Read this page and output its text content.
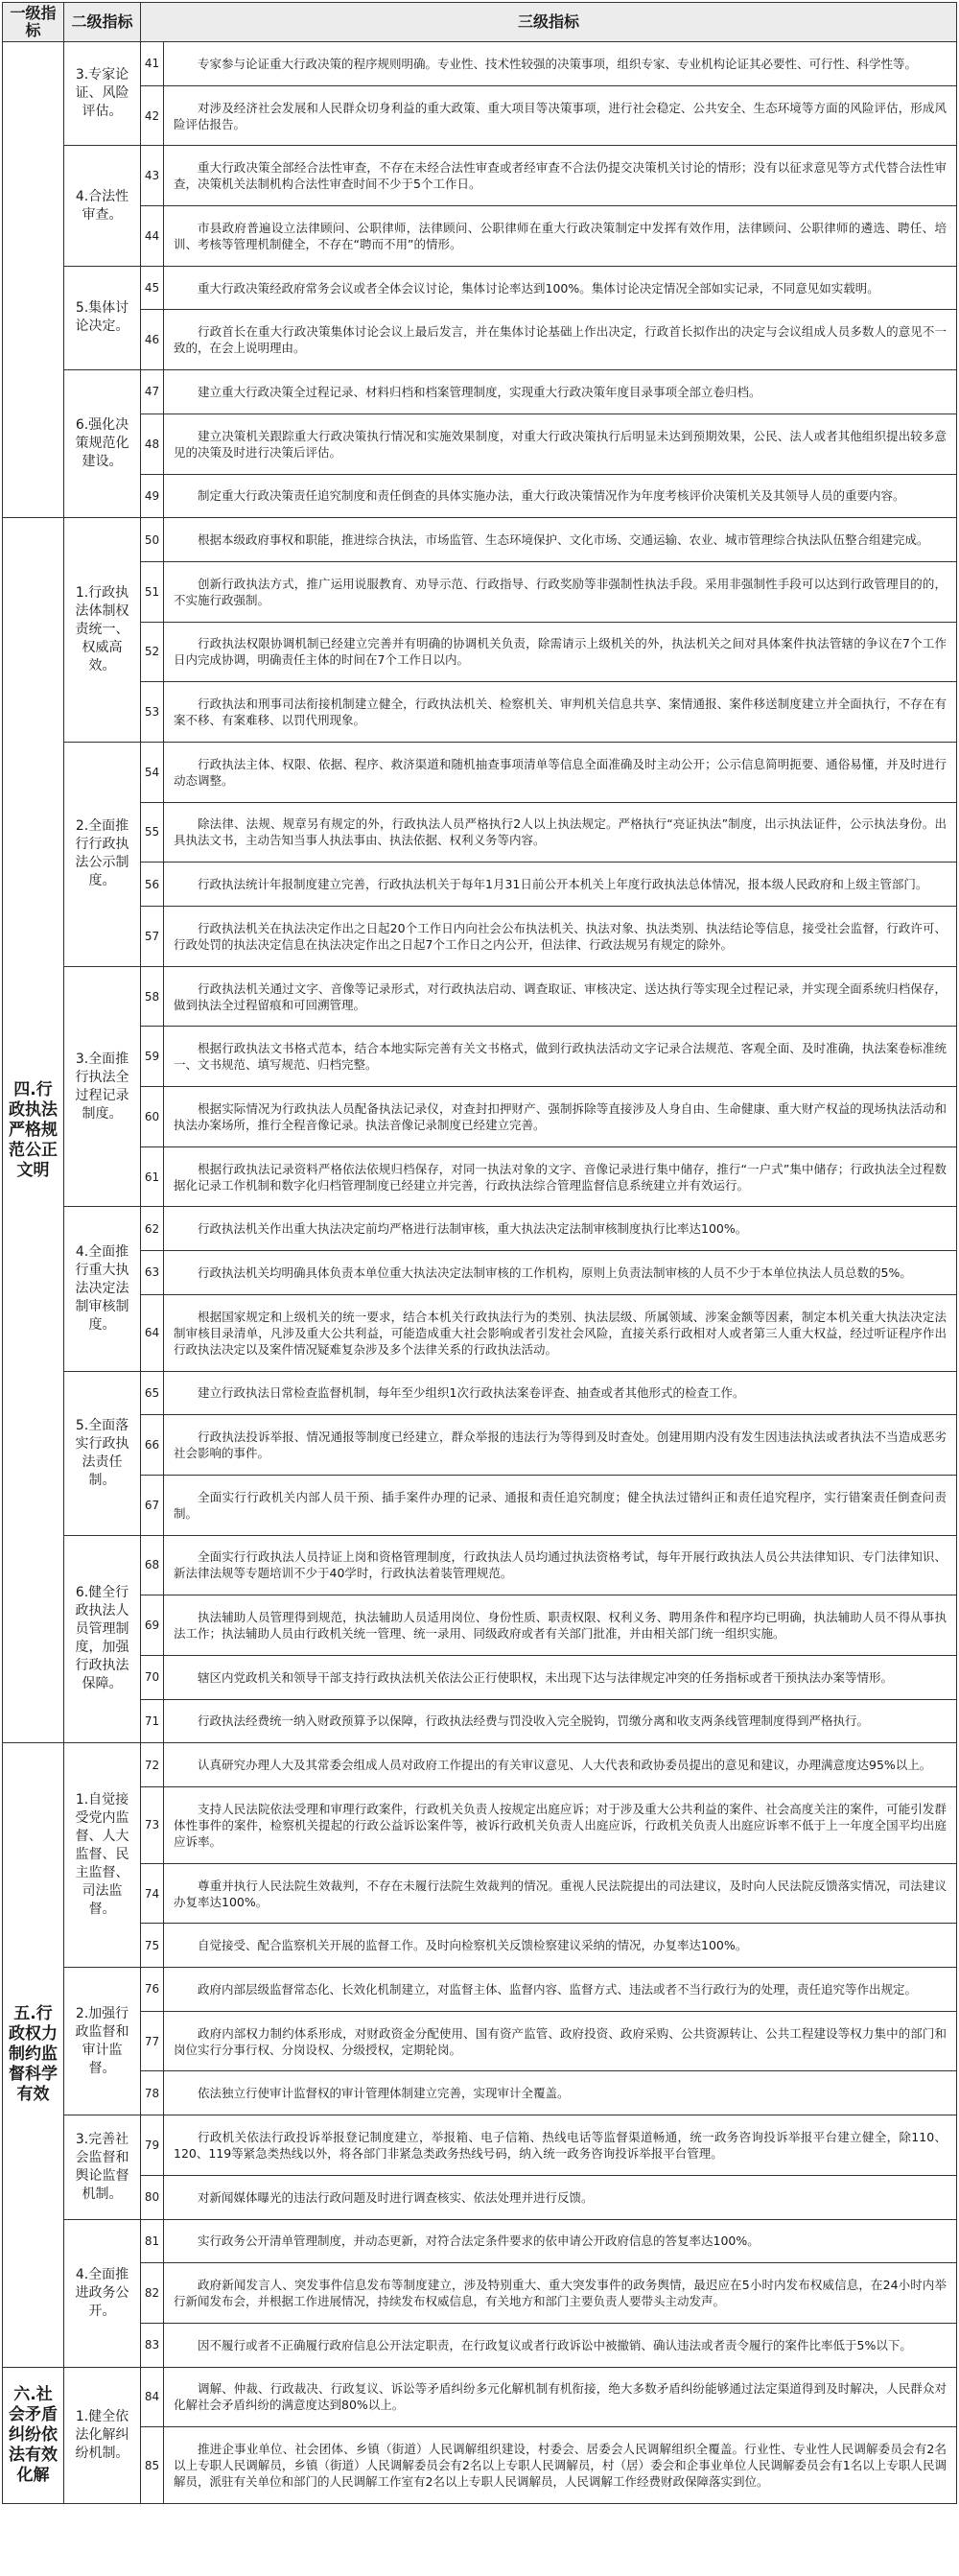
一级指标	二级指标	三级指标	
	3.专家论证、风险评估。	41	专家参与论证重大行政决策的程序规则明确。专业性、技术性较强的决策事项，组织专家、专业机构论证其必要性、可行性、科学性等。
		42	对涉及经济社会发展和人民群众切身利益的重大政策、重大项目等决策事项，进行社会稳定、公共安全、生态环境等方面的风险评估，形成风险评估报告。
	4.合法性审查。	43	重大行政决策全部经合法性审查，不存在未经合法性审查或者经审查不合法仍提交决策机关讨论的情形；没有以征求意见等方式代替合法性审查，决策机关法制机构合法性审查时间不少于5个工作日。
		44	市县政府普遍设立法律顾问、公职律师，法律顾问、公职律师在重大行政决策制定中发挥有效作用，法律顾问、公职律师的遴选、聘任、培训、考核等管理机制健全，不存在“聘而不用”的情形。
	5.集体讨论决定。	45	重大行政决策经政府常务会议或者全体会议讨论，集体讨论率达到100%。集体讨论决定情况全部如实记录，不同意见如实载明。
		46	行政首长在重大行政决策集体讨论会议上最后发言，并在集体讨论基础上作出决定，行政首长拟作出的决定与会议组成人员多数人的意见不一致的，在会上说明理由。
	6.强化决策规范化建设。	47	建立重大行政决策全过程记录、材料归档和档案管理制度，实现重大行政决策年度目录事项全部立卷归档。
		48	建立决策机关跟踪重大行政决策执行情况和实施效果制度，对重大行政决策执行后明显未达到预期效果，公民、法人或者其他组织提出较多意见的决策及时进行决策后评估。
		49	制定重大行政决策责任追究制度和责任倒查的具体实施办法，重大行政决策情况作为年度考核评价决策机关及其领导人员的重要内容。
四.行政执法严格规范公正文明	1.行政执法体制权责统一、权威高效。	50	根据本级政府事权和职能，推进综合执法，市场监管、生态环境保护、文化市场、交通运输、农业、城市管理综合执法队伍整合组建完成。
		51	创新行政执法方式，推广运用说服教育、劝导示范、行政指导、行政奖励等非强制性执法手段。采用非强制性手段可以达到行政管理目的的，不实施行政强制。
		52	行政执法权限协调机制已经建立完善并有明确的协调机关负责，除需请示上级机关的外，执法机关之间对具体案件执法管辖的争议在7个工作日内完成协调，明确责任主体的时间在7个工作日以内。
		53	行政执法和刑事司法衔接机制建立健全，行政执法机关、检察机关、审判机关信息共享、案情通报、案件移送制度建立并全面执行，不存在有案不移、有案难移、以罚代刑现象。
	2.全面推行行政执法公示制度。	54	行政执法主体、权限、依据、程序、救济渠道和随机抽查事项清单等信息全面准确及时主动公开；公示信息简明扼要、通俗易懂，并及时进行动态调整。
		55	除法律、法规、规章另有规定的外，行政执法人员严格执行2人以上执法规定。严格执行“亮证执法”制度，出示执法证件，公示执法身份。出具执法文书，主动告知当事人执法事由、执法依据、权利义务等内容。
		56	行政执法统计年报制度建立完善，行政执法机关于每年1月31日前公开本机关上年度行政执法总体情况，报本级人民政府和上级主管部门。
		57	行政执法机关在执法决定作出之日起20个工作日内向社会公布执法机关、执法对象、执法类别、执法结论等信息，接受社会监督，行政许可、行政处罚的执法决定信息在执法决定作出之日起7个工作日之内公开，但法律、行政法规另有规定的除外。
	3.全面推行执法全过程记录制度。	58	行政执法机关通过文字、音像等记录形式，对行政执法启动、调查取证、审核决定、送达执行等实现全过程记录，并实现全面系统归档保存，做到执法全过程留痕和可回溯管理。
		59	根据行政执法文书格式范本，结合本地实际完善有关文书格式，做到行政执法活动文字记录合法规范、客观全面、及时准确，执法案卷标准统一、文书规范、填写规范、归档完整。
		60	根据实际情况为行政执法人员配备执法记录仪，对查封扣押财产、强制拆除等直接涉及人身自由、生命健康、重大财产权益的现场执法活动和执法办案场所，推行全程音像记录。执法音像记录制度已经建立完善。
		61	根据行政执法记录资料严格依法依规归档保存，对同一执法对象的文字、音像记录进行集中储存，推行“一户式”集中储存；行政执法全过程数据化记录工作机制和数字化归档管理制度已经建立并完善，行政执法综合管理监督信息系统建立并有效运行。
	4.全面推行重大执法决定法制审核制度。	62	行政执法机关作出重大执法决定前均严格进行法制审核，重大执法决定法制审核制度执行比率达100%。
		63	行政执法机关均明确具体负责本单位重大执法决定法制审核的工作机构，原则上负责法制审核的人员不少于本单位执法人员总数的5%。
		64	根据国家规定和上级机关的统一要求，结合本机关行政执法行为的类别、执法层级、所属领域、涉案金额等因素，制定本机关重大执法决定法制审核目录清单，凡涉及重大公共利益，可能造成重大社会影响或者引发社会风险，直接关系行政相对人或者第三人重大权益，经过听证程序作出行政执法决定以及案件情况疑难复杂涉及多个法律关系的行政执法活动。
	5.全面落实行政执法责任制。	65	建立行政执法日常检查监督机制，每年至少组织1次行政执法案卷评查、抽查或者其他形式的检查工作。
		66	行政执法投诉举报、情况通报等制度已经建立，群众举报的违法行为等得到及时查处。创建用期内没有发生因违法执法或者执法不当造成恶劣社会影响的事件。
		67	全面实行行政机关内部人员干预、插手案件办理的记录、通报和责任追究制度；健全执法过错纠正和责任追究程序，实行错案责任倒查问责制。
	6.健全行政执法人员管理制度，加强行政执法保障。	68	全面实行行政执法人员持证上岗和资格管理制度，行政执法人员均通过执法资格考试，每年开展行政执法人员公共法律知识、专门法律知识、新法律法规等专题培训不少于40学时，行政执法着装管理规范。
		69	执法辅助人员管理得到规范，执法辅助人员适用岗位、身份性质、职责权限、权利义务、聘用条件和程序均已明确，执法辅助人员不得从事执法工作；执法辅助人员由行政机关统一管理、统一录用、同级政府或者有关部门批准，并由相关部门统一组织实施。
		70	辖区内党政机关和领导干部支持行政执法机关依法公正行使职权，未出现下达与法律规定冲突的任务指标或者干预执法办案等情形。
		71	行政执法经费统一纳入财政预算予以保障，行政执法经费与罚没收入完全脱钩，罚缴分离和收支两条线管理制度得到严格执行。
五.行政权力制约监督科学有效	1.自觉接受党内监督、人大监督、民主监督、司法监督。	72	认真研究办理人大及其常委会组成人员对政府工作提出的有关审议意见、人大代表和政协委员提出的意见和建议，办理满意度达95%以上。
		73	支持人民法院依法受理和审理行政案件，行政机关负责人按规定出庭应诉；对于涉及重大公共利益的案件、社会高度关注的案件，可能引发群体性事件的案件，检察机关提起的行政公益诉讼案件等，被诉行政机关负责人出庭应诉，行政机关负责人出庭应诉率不低于上一年度全国平均出庭应诉率。
		74	尊重并执行人民法院生效裁判，不存在未履行法院生效裁判的情况。重视人民法院提出的司法建议，及时向人民法院反馈落实情况，司法建议办复率达100%。
		75	自觉接受、配合监察机关开展的监督工作。及时向检察机关反馈检察建议采纳的情况，办复率达100%。
	2.加强行政监督和审计监督。	76	政府内部层级监督常态化、长效化机制建立，对监督主体、监督内容、监督方式、违法或者不当行政行为的处理，责任追究等作出规定。
		77	政府内部权力制约体系形成，对财政资金分配使用、国有资产监管、政府投资、政府采购、公共资源转让、公共工程建设等权力集中的部门和岗位实行分事行权、分岗设权、分级授权，定期轮岗。
		78	依法独立行使审计监督权的审计管理体制建立完善，实现审计全覆盖。
	3.完善社会监督和舆论监督机制。	79	行政机关依法行政投诉举报登记制度建立，举报箱、电子信箱、热线电话等监督渠道畅通，统一政务咨询投诉举报平台建立健全，除110、120、119等紧急类热线以外，将各部门非紧急类政务热线号码，纳入统一政务咨询投诉举报平台管理。
		80	对新闻媒体曝光的违法行政问题及时进行调查核实、依法处理并进行反馈。
	4.全面推进政务公开。	81	实行政务公开清单管理制度，并动态更新，对符合法定条件要求的依申请公开政府信息的答复率达100%。
		82	政府新闻发言人、突发事件信息发布等制度建立，涉及特别重大、重大突发事件的政务舆情，最迟应在5小时内发布权威信息，在24小时内举行新闻发布会，并根据工作进展情况，持续发布权威信息，有关地方和部门主要负责人要带头主动发声。
		83	因不履行或者不正确履行政府信息公开法定职责，在行政复议或者行政诉讼中被撤销、确认违法或者责令履行的案件比率低于5%以下。
六.社会矛盾纠纷依法有效化解	1.健全依法化解纠纷机制。	84	调解、仲裁、行政裁决、行政复议、诉讼等矛盾纠纷多元化解机制有机衔接，绝大多数矛盾纠纷能够通过法定渠道得到及时解决，人民群众对化解社会矛盾纠纷的满意度达到80%以上。
		85	推进企事业单位、社会团体、乡镇（街道）人民调解组织建设，村委会、居委会人民调解组织全覆盖。行业性、专业性人民调解委员会有2名以上专职人民调解员，乡镇（街道）人民调解委员会有2名以上专职人民调解员，村（居）委会和企事业单位人民调解委员会有1名以上专职人民调解员，派驻有关单位和部门的人民调解工作室有2名以上专职人民调解员，人民调解工作经费财政保障落实到位。
